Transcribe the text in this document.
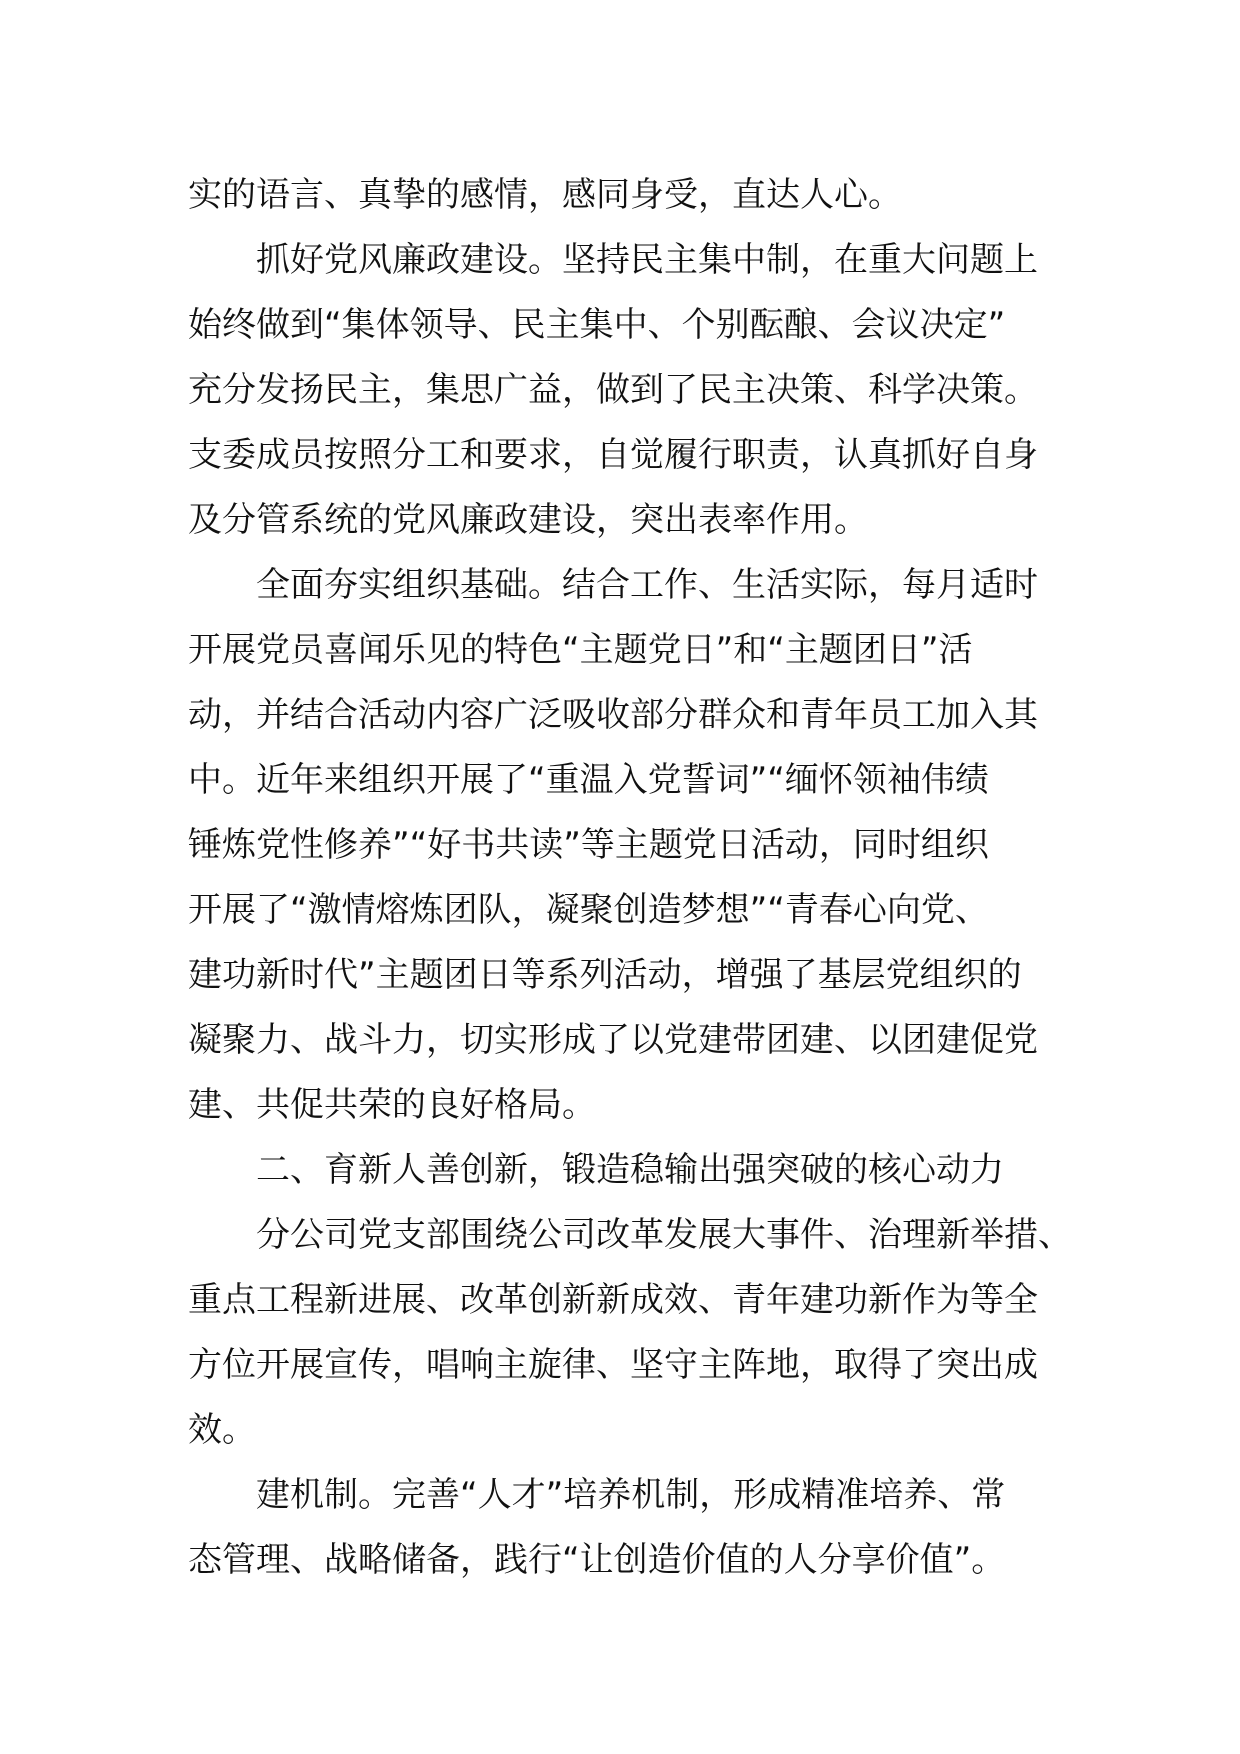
实的语言、真挚的感情，感同身受，直达人心。

　　抓好党风廉政建设。坚持民主集中制，在重大问题上
始终做到“集体领导、民主集中、个别酝酿、会议决定”
充分发扬民主，集思广益，做到了民主决策、科学决策。
支委成员按照分工和要求，自觉履行职责，认真抓好自身
及分管系统的党风廉政建设，突出表率作用。

　　全面夯实组织基础。结合工作、生活实际，每月适时
开展党员喜闻乐见的特色“主题党日”和“主题团日”活
动，并结合活动内容广泛吸收部分群众和青年员工加入其
中。近年来组织开展了“重温入党誓词”“缅怀领袖伟绩
锤炼党性修养”“好书共读”等主题党日活动，同时组织
开展了“激情熔炼团队，凝聚创造梦想”“青春心向党、
建功新时代”主题团日等系列活动，增强了基层党组织的
凝聚力、战斗力，切实形成了以党建带团建、以团建促党
建、共促共荣的良好格局。

　　二、育新人善创新，锻造稳输出强突破的核心动力

　　分公司党支部围绕公司改革发展大事件、治理新举措、
重点工程新进展、改革创新新成效、青年建功新作为等全
方位开展宣传，唱响主旋律、坚守主阵地，取得了突出成
效。

　　建机制。完善“人才”培养机制，形成精准培养、常
态管理、战略储备，践行“让创造价值的人分享价值”。
